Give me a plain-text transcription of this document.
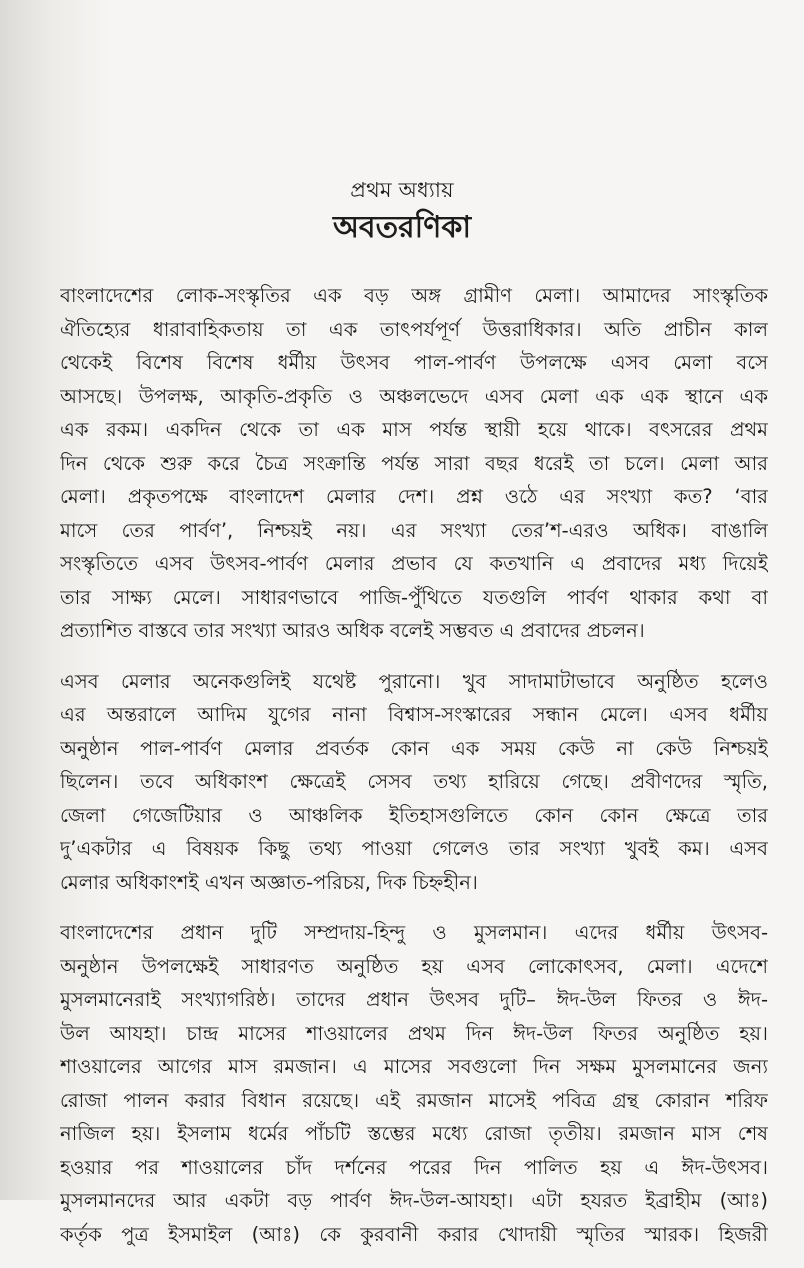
প্রথম অধ্যায়
অবতরণিকা
বাংলাদেশের লোক-সংস্কৃতির এক বড় অঙ্গ গ্রামীণ মেলা। আমাদের সাংস্কৃতিক
ঐতিহ্যের ধারাবাহিকতায় তা এক তাৎপর্যপূর্ণ উত্তরাধিকার। অতি প্রাচীন কাল
থেকেই বিশেষ বিশেষ ধর্মীয় উৎসব পাল-পার্বণ উপলক্ষে এসব মেলা বসে
আসছে। উপলক্ষ, আকৃতি-প্রকৃতি ও অঞ্চলভেদে এসব মেলা এক এক স্থানে এক
এক রকম। একদিন থেকে তা এক মাস পর্যন্ত স্থায়ী হয়ে থাকে। বৎসরের প্রথম
দিন থেকে শুরু করে চৈত্র সংক্রান্তি পর্যন্ত সারা বছর ধরেই তা চলে। মেলা আর
মেলা। প্রকৃতপক্ষে বাংলাদেশ মেলার দেশ। প্রশ্ন ওঠে এর সংখ্যা কত? ‘বার
মাসে তের পার্বণ’, নিশ্চয়ই নয়। এর সংখ্যা তের’শ-এরও অধিক। বাঙালি
সংস্কৃতিতে এসব উৎসব-পার্বণ মেলার প্রভাব যে কতখানি এ প্রবাদের মধ্য দিয়েই
তার সাক্ষ্য মেলে। সাধারণভাবে পাজি-পুঁথিতে যতগুলি পার্বণ থাকার কথা বা
প্রত্যাশিত বাস্তবে তার সংখ্যা আরও অধিক বলেই সম্ভবত এ প্রবাদের প্রচলন।
এসব মেলার অনেকগুলিই যথেষ্ট পুরানো। খুব সাদামাটাভাবে অনুষ্ঠিত হলেও
এর অন্তরালে আদিম যুগের নানা বিশ্বাস-সংস্কারের সন্ধান মেলে। এসব ধর্মীয়
অনুষ্ঠান পাল-পার্বণ মেলার প্রবর্তক কোন এক সময় কেউ না কেউ নিশ্চয়ই
ছিলেন। তবে অধিকাংশ ক্ষেত্রেই সেসব তথ্য হারিয়ে গেছে। প্রবীণদের স্মৃতি,
জেলা গেজেটিয়ার ও আঞ্চলিক ইতিহাসগুলিতে কোন কোন ক্ষেত্রে তার
দু’একটার এ বিষয়ক কিছু তথ্য পাওয়া গেলেও তার সংখ্যা খুবই কম। এসব
মেলার অধিকাংশই এখন অজ্ঞাত-পরিচয়, দিক চিহ্নহীন।
বাংলাদেশের প্রধান দুটি সম্প্রদায়-হিন্দু ও মুসলমান। এদের ধর্মীয় উৎসব-
অনুষ্ঠান উপলক্ষেই সাধারণত অনুষ্ঠিত হয় এসব লোকোৎসব, মেলা। এদেশে
মুসলমানেরাই সংখ্যাগরিষ্ঠ। তাদের প্রধান উৎসব দুটি– ঈদ-উল ফিতর ও ঈদ-
উল আযহা। চান্দ্র মাসের শাওয়ালের প্রথম দিন ঈদ-উল ফিতর অনুষ্ঠিত হয়।
শাওয়ালের আগের মাস রমজান। এ মাসের সবগুলো দিন সক্ষম মুসলমানের জন্য
রোজা পালন করার বিধান রয়েছে। এই রমজান মাসেই পবিত্র গ্রন্থ কোরান শরিফ
নাজিল হয়। ইসলাম ধর্মের পাঁচটি স্তম্ভের মধ্যে রোজা তৃতীয়। রমজান মাস শেষ
হওয়ার পর শাওয়ালের চাঁদ দর্শনের পরের দিন পালিত হয় এ ঈদ-উৎসব।
মুসলমানদের আর একটা বড় পার্বণ ঈদ-উল-আযহা। এটা হযরত ইব্রাহীম (আঃ)
কর্তৃক পুত্র ইসমাইল (আঃ) কে কুরবানী করার খোদায়ী স্মৃতির স্মারক। হিজরী
